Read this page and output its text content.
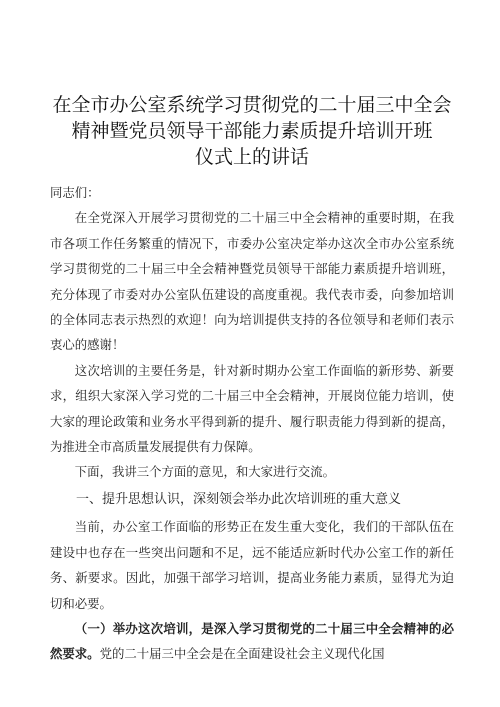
在全市办公室系统学习贯彻党的二十届三中全会
精神暨党员领导干部能力素质提升培训开班
仪式上的讲话

同志们：

在全党深入开展学习贯彻党的二十届三中全会精神的重要时期，在我市各项工作任务繁重的情况下，市委办公室决定举办这次全市办公室系统学习贯彻党的二十届三中全会精神暨党员领导干部能力素质提升培训班，充分体现了市委对办公室队伍建设的高度重视。我代表市委，向参加培训的全体同志表示热烈的欢迎！向为培训提供支持的各位领导和老师们表示衷心的感谢！

这次培训的主要任务是，针对新时期办公室工作面临的新形势、新要求，组织大家深入学习党的二十届三中全会精神，开展岗位能力培训，使大家的理论政策和业务水平得到新的提升、履行职责能力得到新的提高，为推进全市高质量发展提供有力保障。

下面，我讲三个方面的意见，和大家进行交流。

一、提升思想认识，深刻领会举办此次培训班的重大意义

当前，办公室工作面临的形势正在发生重大变化，我们的干部队伍在建设中也存在一些突出问题和不足，远不能适应新时代办公室工作的新任务、新要求。因此，加强干部学习培训，提高业务能力素质，显得尤为迫切和必要。

（一）举办这次培训，是深入学习贯彻党的二十届三中全会精神的必然要求。党的二十届三中全会是在全面建设社会主义现代化国
